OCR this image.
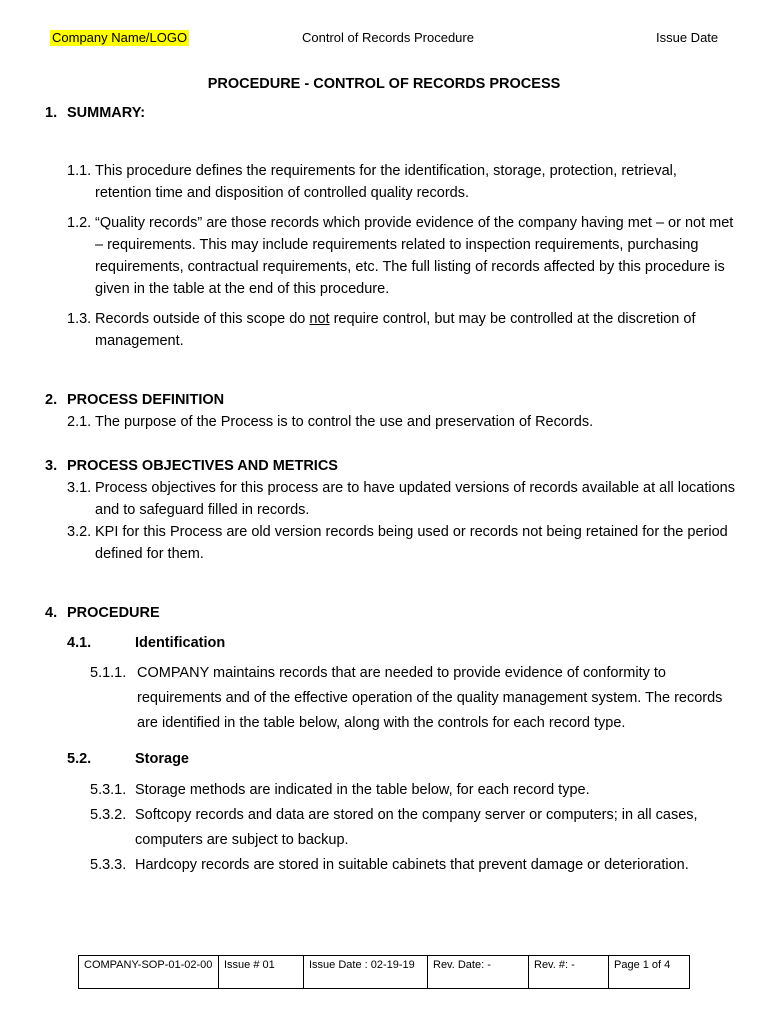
Company Name/LOGO	Control of Records Procedure	Issue Date
PROCEDURE - CONTROL OF RECORDS PROCESS
1. SUMMARY:
1.1. This procedure defines the requirements for the identification, storage, protection, retrieval, retention time and disposition of controlled quality records.
1.2. “Quality records” are those records which provide evidence of the company having met – or not met – requirements. This may include requirements related to inspection requirements, purchasing requirements, contractual requirements, etc. The full listing of records affected by this procedure is given in the table at the end of this procedure.
1.3. Records outside of this scope do not require control, but may be controlled at the discretion of management.
2. PROCESS DEFINITION
2.1. The purpose of the Process is to control the use and preservation of Records.
3. PROCESS OBJECTIVES AND METRICS
3.1. Process objectives for this process are to have updated versions of records available at all locations and to safeguard filled in records.
3.2. KPI for this Process are old version records being used or records not being retained for the period defined for them.
4. PROCEDURE
4.1.	Identification
5.1.1. COMPANY maintains records that are needed to provide evidence of conformity to requirements and of the effective operation of the quality management system. The records are identified in the table below, along with the controls for each record type.
5.2.	Storage
5.3.1. Storage methods are indicated in the table below, for each record type.
5.3.2. Softcopy records and data are stored on the company server or computers; in all cases, computers are subject to backup.
5.3.3. Hardcopy records are stored in suitable cabinets that prevent damage or deterioration.
COMPANY-SOP-01-02-00	Issue # 01	Issue Date : 02-19-19	Rev. Date: -	Rev. #: -	Page 1 of 4
